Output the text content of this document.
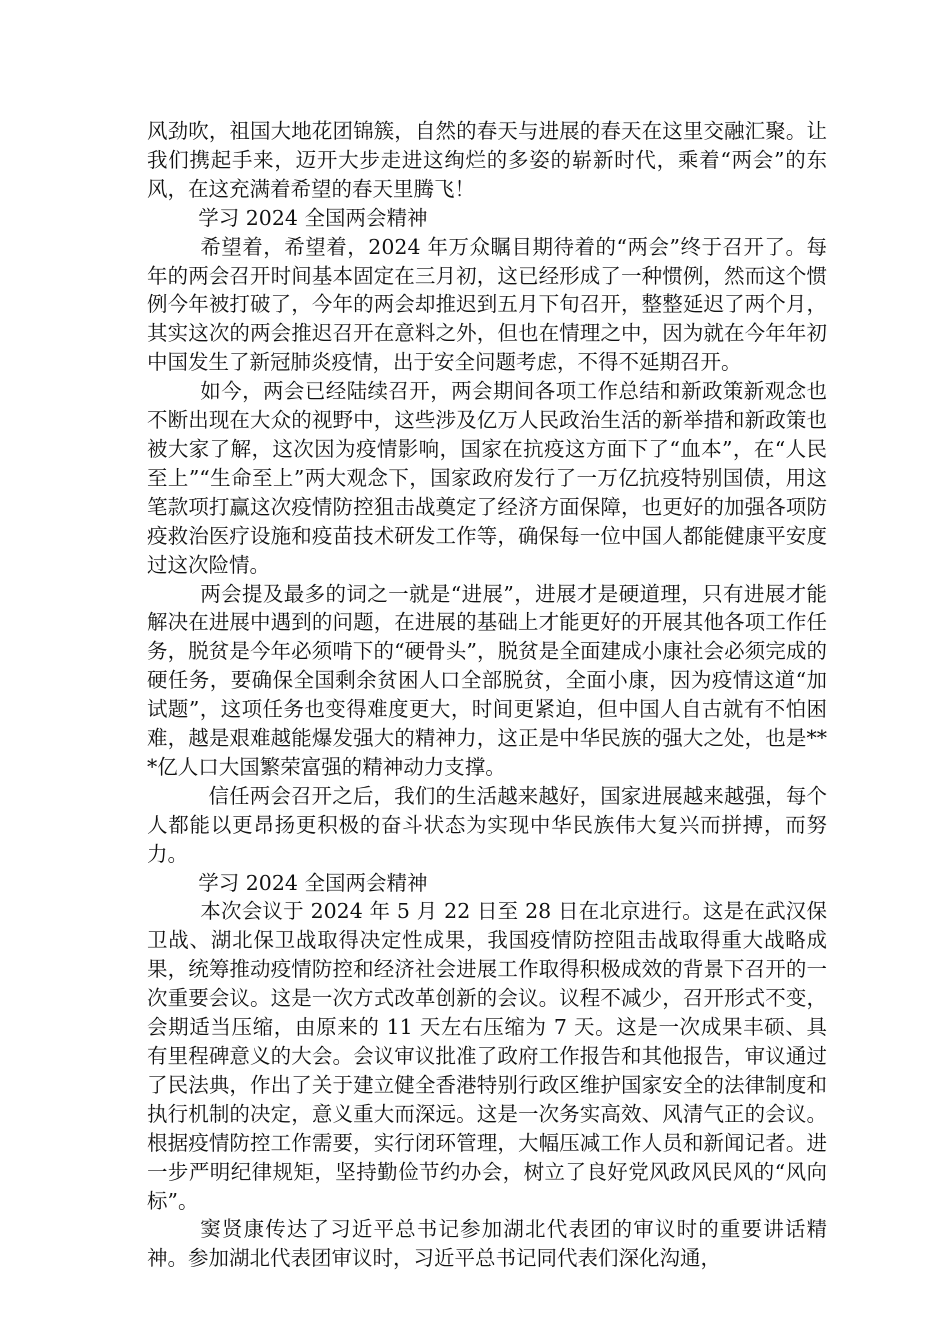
风劲吹，祖国大地花团锦簇，自然的春天与进展的春天在这里交融汇聚。让我们携起手来，迈开大步走进这绚烂的多姿的崭新时代，乘着“两会”的东风，在这充满着希望的春天里腾飞！

学习 2024 全国两会精神

希望着，希望着，2024 年万众瞩目期待着的“两会”终于召开了。每年的两会召开时间基本固定在三月初，这已经形成了一种惯例，然而这个惯例今年被打破了，今年的两会却推迟到五月下旬召开，整整延迟了两个月，其实这次的两会推迟召开在意料之外，但也在情理之中，因为就在今年年初中国发生了新冠肺炎疫情，出于安全问题考虑，不得不延期召开。

如今，两会已经陆续召开，两会期间各项工作总结和新政策新观念也不断出现在大众的视野中，这些涉及亿万人民政治生活的新举措和新政策也被大家了解，这次因为疫情影响，国家在抗疫这方面下了“血本”，在“人民至上”“生命至上”两大观念下，国家政府发行了一万亿抗疫特别国债，用这笔款项打赢这次疫情防控狙击战奠定了经济方面保障，也更好的加强各项防疫救治医疗设施和疫苗技术研发工作等，确保每一位中国人都能健康平安度过这次险情。

两会提及最多的词之一就是“进展”，进展才是硬道理，只有进展才能解决在进展中遇到的问题，在进展的基础上才能更好的开展其他各项工作任务，脱贫是今年必须啃下的“硬骨头”，脱贫是全面建成小康社会必须完成的硬任务，要确保全国剩余贫困人口全部脱贫，全面小康，因为疫情这道“加试题”，这项任务也变得难度更大，时间更紧迫，但中国人自古就有不怕困难，越是艰难越能爆发强大的精神力，这正是中华民族的强大之处，也是***亿人口大国繁荣富强的精神动力支撑。

信任两会召开之后，我们的生活越来越好，国家进展越来越强，每个人都能以更昂扬更积极的奋斗状态为实现中华民族伟大复兴而拼搏，而努力。

学习 2024 全国两会精神

本次会议于 2024 年 5 月 22 日至 28 日在北京进行。这是在武汉保卫战、湖北保卫战取得决定性成果，我国疫情防控阻击战取得重大战略成果，统筹推动疫情防控和经济社会进展工作取得积极成效的背景下召开的一次重要会议。这是一次方式改革创新的会议。议程不减少，召开形式不变，会期适当压缩，由原来的 11 天左右压缩为 7 天。这是一次成果丰硕、具有里程碑意义的大会。会议审议批准了政府工作报告和其他报告，审议通过了民法典，作出了关于建立健全香港特别行政区维护国家安全的法律制度和执行机制的决定，意义重大而深远。这是一次务实高效、风清气正的会议。根据疫情防控工作需要，实行闭环管理，大幅压减工作人员和新闻记者。进一步严明纪律规矩，坚持勤俭节约办会，树立了良好党风政风民风的“风向标”。

窦贤康传达了习近平总书记参加湖北代表团的审议时的重要讲话精神。参加湖北代表团审议时，习近平总书记同代表们深化沟通，
